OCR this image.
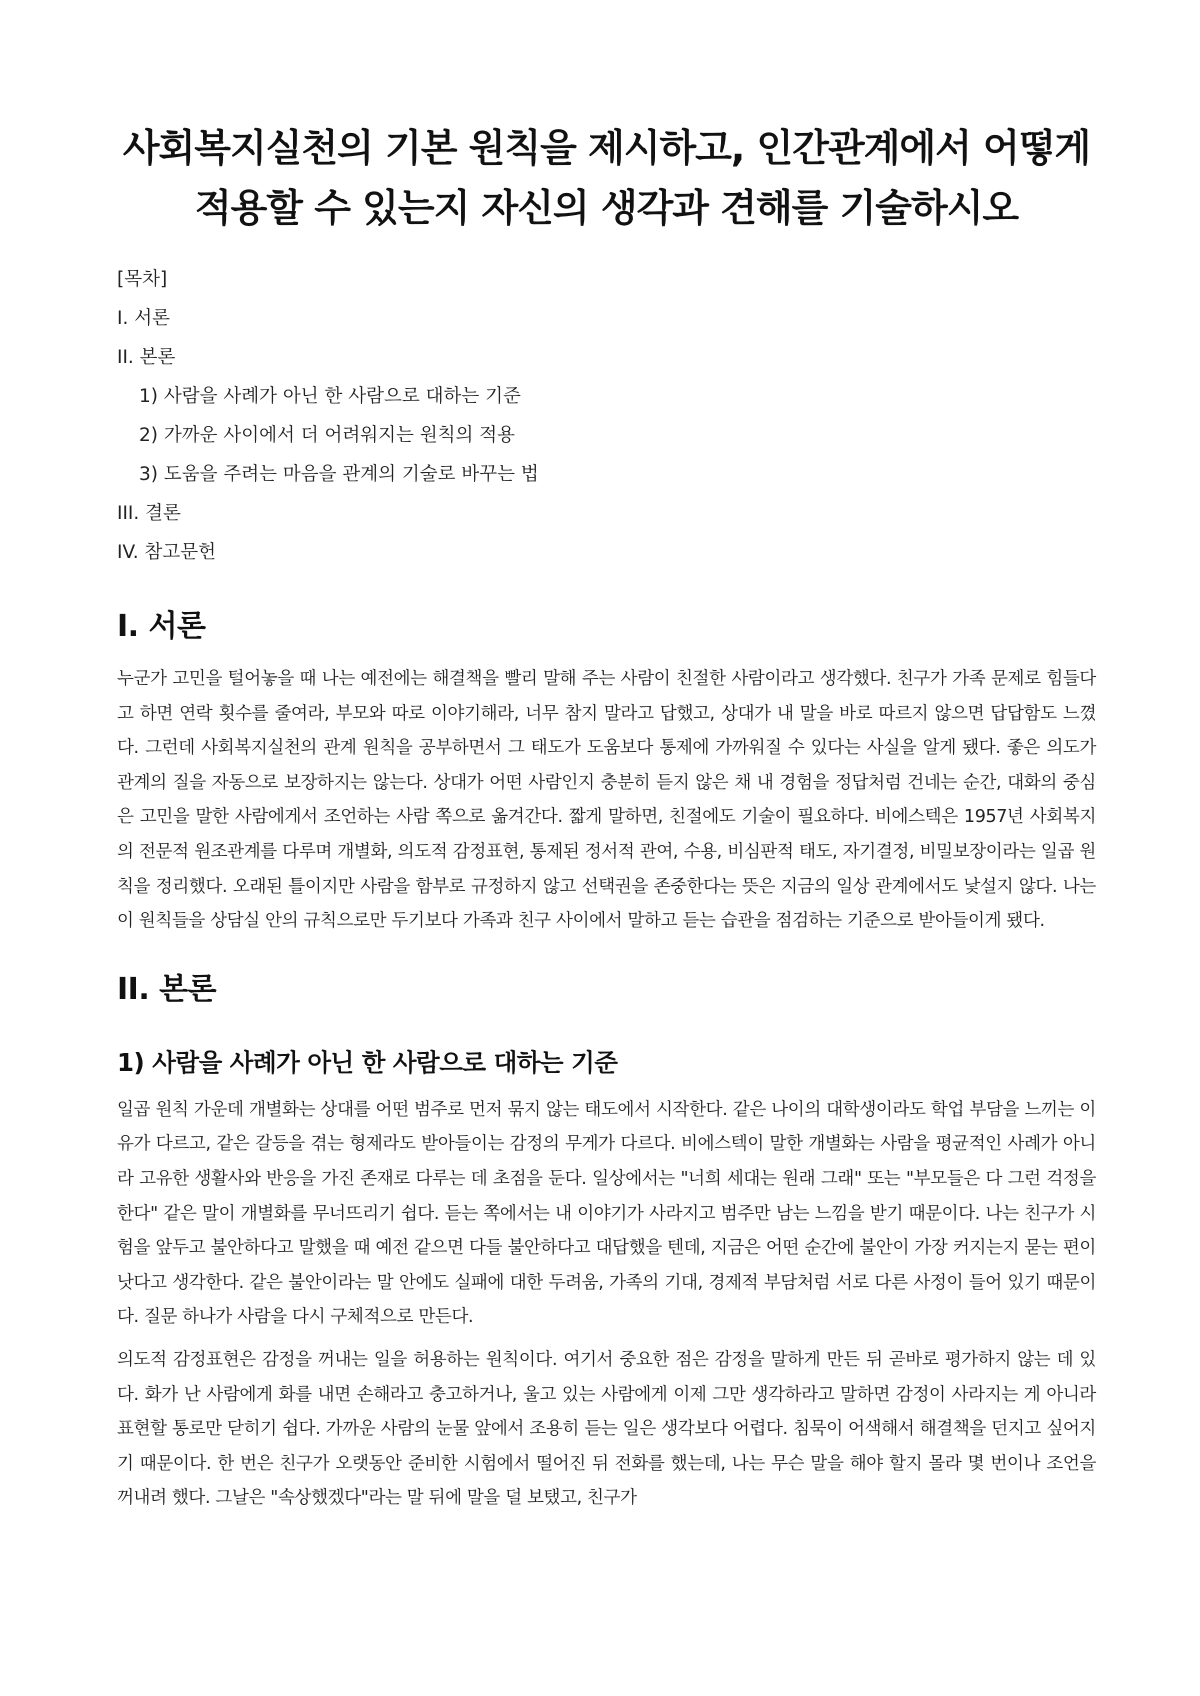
사회복지실천의 기본 원칙을 제시하고, 인간관계에서 어떻게
적용할 수 있는지 자신의 생각과 견해를 기술하시오
[목차]
I. 서론
II. 본론
1) 사람을 사례가 아닌 한 사람으로 대하는 기준
2) 가까운 사이에서 더 어려워지는 원칙의 적용
3) 도움을 주려는 마음을 관계의 기술로 바꾸는 법
III. 결론
IV. 참고문헌
I. 서론

누군가 고민을 털어놓을 때 나는 예전에는 해결책을 빨리 말해 주는 사람이 친절한 사람이라고 생각했다. 친구가 가족 문제로 힘들다고 하면 연락 횟수를 줄여라, 부모와 따로 이야기해라, 너무 참지 말라고 답했고, 상대가 내 말을 바로 따르지 않으면 답답함도 느꼈다. 그런데 사회복지실천의 관계 원칙을 공부하면서 그 태도가 도움보다 통제에 가까워질 수 있다는 사실을 알게 됐다. 좋은 의도가 관계의 질을 자동으로 보장하지는 않는다. 상대가 어떤 사람인지 충분히 듣지 않은 채 내 경험을 정답처럼 건네는 순간, 대화의 중심은 고민을 말한 사람에게서 조언하는 사람 쪽으로 옮겨간다. 짧게 말하면, 친절에도 기술이 필요하다. 비에스텍은 1957년 사회복지의 전문적 원조관계를 다루며 개별화, 의도적 감정표현, 통제된 정서적 관여, 수용, 비심판적 태도, 자기결정, 비밀보장이라는 일곱 원칙을 정리했다. 오래된 틀이지만 사람을 함부로 규정하지 않고 선택권을 존중한다는 뜻은 지금의 일상 관계에서도 낯설지 않다. 나는 이 원칙들을 상담실 안의 규칙으로만 두기보다 가족과 친구 사이에서 말하고 듣는 습관을 점검하는 기준으로 받아들이게 됐다.

II. 본론
1) 사람을 사례가 아닌 한 사람으로 대하는 기준

일곱 원칙 가운데 개별화는 상대를 어떤 범주로 먼저 묶지 않는 태도에서 시작한다. 같은 나이의 대학생이라도 학업 부담을 느끼는 이유가 다르고, 같은 갈등을 겪는 형제라도 받아들이는 감정의 무게가 다르다. 비에스텍이 말한 개별화는 사람을 평균적인 사례가 아니라 고유한 생활사와 반응을 가진 존재로 다루는 데 초점을 둔다. 일상에서는 "너희 세대는 원래 그래" 또는 "부모들은 다 그런 걱정을 한다" 같은 말이 개별화를 무너뜨리기 쉽다. 듣는 쪽에서는 내 이야기가 사라지고 범주만 남는 느낌을 받기 때문이다. 나는 친구가 시험을 앞두고 불안하다고 말했을 때 예전 같으면 다들 불안하다고 대답했을 텐데, 지금은 어떤 순간에 불안이 가장 커지는지 묻는 편이 낫다고 생각한다. 같은 불안이라는 말 안에도 실패에 대한 두려움, 가족의 기대, 경제적 부담처럼 서로 다른 사정이 들어 있기 때문이다. 질문 하나가 사람을 다시 구체적으로 만든다.

의도적 감정표현은 감정을 꺼내는 일을 허용하는 원칙이다. 여기서 중요한 점은 감정을 말하게 만든 뒤 곧바로 평가하지 않는 데 있다. 화가 난 사람에게 화를 내면 손해라고 충고하거나, 울고 있는 사람에게 이제 그만 생각하라고 말하면 감정이 사라지는 게 아니라 표현할 통로만 닫히기 쉽다. 가까운 사람의 눈물 앞에서 조용히 듣는 일은 생각보다 어렵다. 침묵이 어색해서 해결책을 던지고 싶어지기 때문이다. 한 번은 친구가 오랫동안 준비한 시험에서 떨어진 뒤 전화를 했는데, 나는 무슨 말을 해야 할지 몰라 몇 번이나 조언을 꺼내려 했다. 그날은 "속상했겠다"라는 말 뒤에 말을 덜 보탰고, 친구가
